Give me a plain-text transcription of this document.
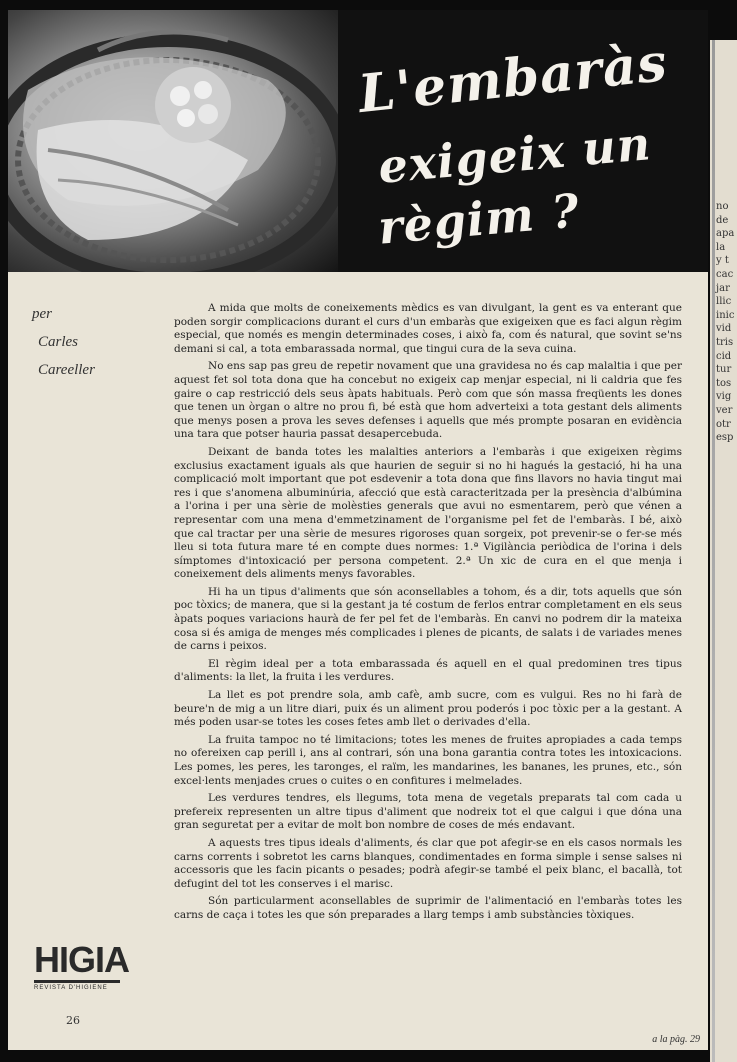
L'embaràs
exigeix un
règim ?
per
Carles
Careeller

A mida que molts de coneixements mèdics es van divulgant, la gent es va enterant que poden sorgir complicacions durant el curs d'un embaràs que exigeixen que es faci algun règim especial, que només es mengin determinades coses, i això fa, com és natural, que sovint se'ns demani si cal, a tota embarassada normal, que tingui cura de la seva cuina.

No ens sap pas greu de repetir novament que una gravidesa no és cap malaltia i que per aquest fet sol tota dona que ha concebut no exigeix cap menjar especial, ni li caldria que fes gaire o cap restricció dels seus àpats habituals. Però com que són massa freqüents les dones que tenen un òrgan o altre no prou fi, bé està que hom adverteixi a tota gestant dels aliments que menys posen a prova les seves defenses i aquells que més prompte posaran en evidència una tara que potser hauria passat desapercebuda.

Deixant de banda totes les malalties anteriors a l'embaràs i que exigeixen règims exclusius exactament iguals als que haurien de seguir si no hi hagués la gestació, hi ha una complicació molt important que pot esdevenir a tota dona que fins llavors no havia tingut mai res i que s'anomena albuminúria, afecció que està caracteritzada per la presència d'albúmina a l'orina i per una sèrie de molèsties generals que avui no esmentarem, però que vénen a representar com una mena d'emmetzinament de l'organisme pel fet de l'embaràs. I bé, això que cal tractar per una sèrie de mesures rigoroses quan sorgeix, pot prevenir-se o fer-se més lleu si tota futura mare té en compte dues normes: 1.ª Vigilància periòdica de l'orina i dels símptomes d'intoxicació per persona competent. 2.ª Un xic de cura en el que menja i coneixement dels aliments menys favorables.

Hi ha un tipus d'aliments que són aconsellables a tohom, és a dir, tots aquells que són poc tòxics; de manera, que si la gestant ja té costum de ferlos entrar completament en els seus àpats poques variacions haurà de fer pel fet de l'embaràs. En canvi no podrem dir la mateixa cosa si és amiga de menges més complicades i plenes de picants, de salats i de variades menes de carns i peixos.

El règim ideal per a tota embarassada és aquell en el qual predominen tres tipus d'aliments: la llet, la fruita i les verdures.

La llet es pot prendre sola, amb cafè, amb sucre, com es vulgui. Res no hi farà de beure'n de mig a un litre diari, puix és un aliment prou poderós i poc tòxic per a la gestant. A més poden usar-se totes les coses fetes amb llet o derivades d'ella.

La fruita tampoc no té limitacions; totes les menes de fruites apropiades a cada temps no ofereixen cap perill i, ans al contrari, són una bona garantia contra totes les intoxicacions. Les pomes, les peres, les taronges, el raïm, les mandarines, les bananes, les prunes, etc., són excel·lents menjades crues o cuites o en confitures i melmelades.

Les verdures tendres, els llegums, tota mena de vegetals preparats tal com cada u prefereix representen un altre tipus d'aliment que nodreix tot el que calgui i que dóna una gran seguretat per a evitar de molt bon nombre de coses de més endavant.

A aquests tres tipus ideals d'aliments, és clar que pot afegir-se en els casos normals les carns corrents i sobretot les carns blanques, condimentades en forma simple i sense salses ni accessoris que les facin picants o pesades; podrà afegir-se també el peix blanc, el bacallà, tot defugint del tot les conserves i el marisc.

Són particularment aconsellables de suprimir de l'alimentació en l'embaràs totes les carns de caça i totes les que són preparades a llarg temps i amb substàncies tòxiques.

HIGIA
REVISTA D'HIGIENE
26
a la pàg. 29
no
de
apa
la
y t
cac
jar
llic
inic
vid
tris
cid
tur
tos
vig
ver
otr
esp
